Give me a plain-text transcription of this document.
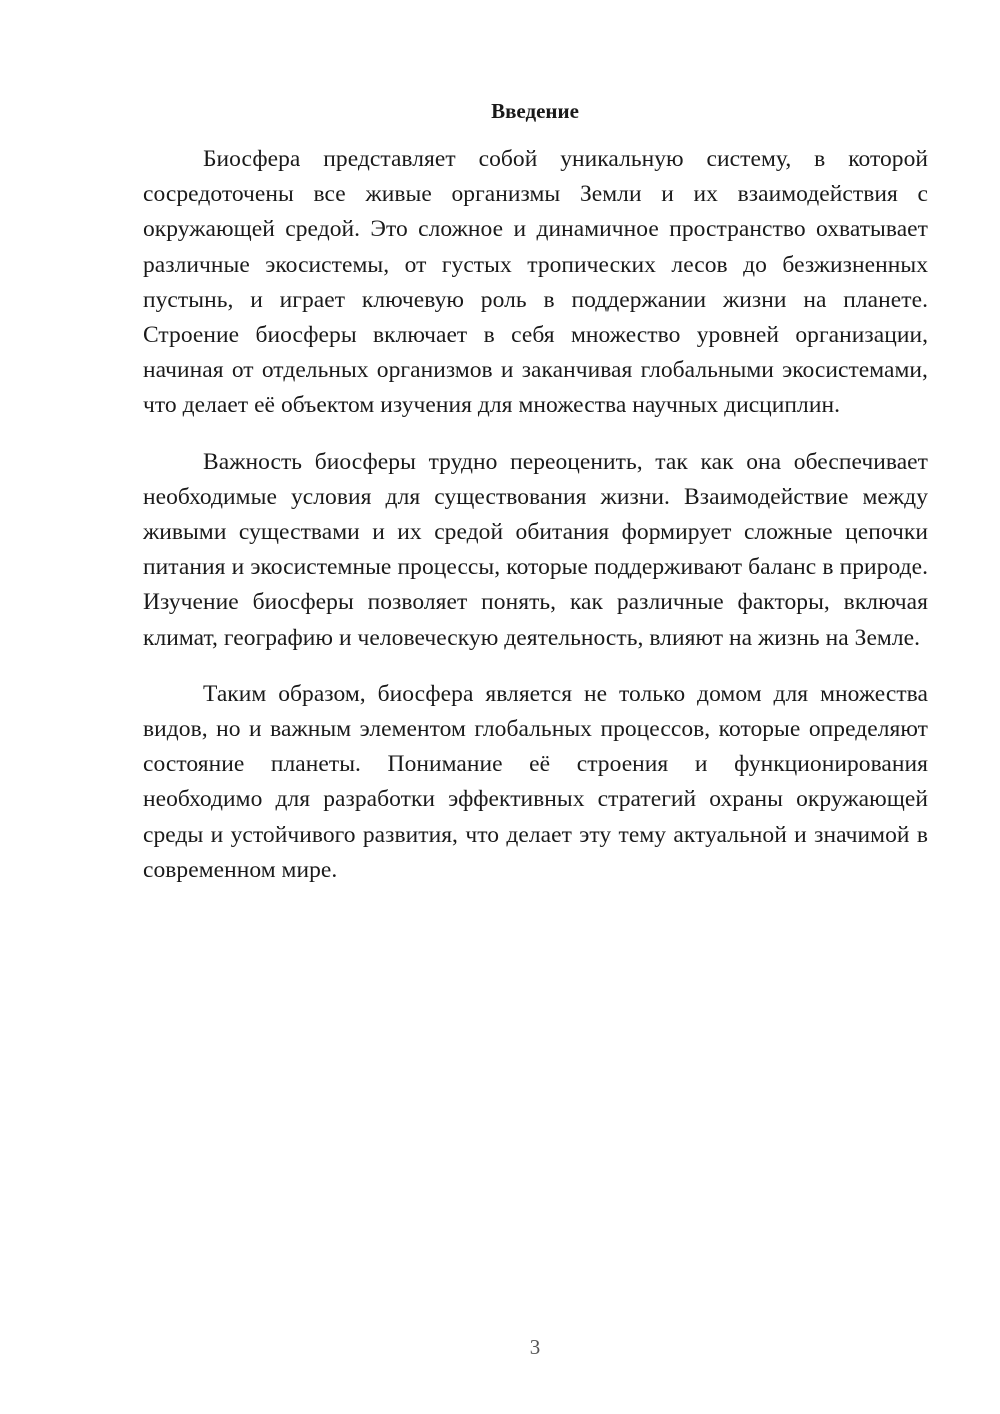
Введение

Биосфера представляет собой уникальную систему, в которой сосредоточены все живые организмы Земли и их взаимодействия с окружающей средой. Это сложное и динамичное пространство охватывает различные экосистемы, от густых тропических лесов до безжизненных пустынь, и играет ключевую роль в поддержании жизни на планете. Строение биосферы включает в себя множество уровней организации, начиная от отдельных организмов и заканчивая глобальными экосистемами, что делает её объектом изучения для множества научных дисциплин.

Важность биосферы трудно переоценить, так как она обеспечивает необходимые условия для существования жизни. Взаимодействие между живыми существами и их средой обитания формирует сложные цепочки питания и экосистемные процессы, которые поддерживают баланс в природе. Изучение биосферы позволяет понять, как различные факторы, включая климат, географию и человеческую деятельность, влияют на жизнь на Земле.

Таким образом, биосфера является не только домом для множества видов, но и важным элементом глобальных процессов, которые определяют состояние планеты. Понимание её строения и функционирования необходимо для разработки эффективных стратегий охраны окружающей среды и устойчивого развития, что делает эту тему актуальной и значимой в современном мире.

3
